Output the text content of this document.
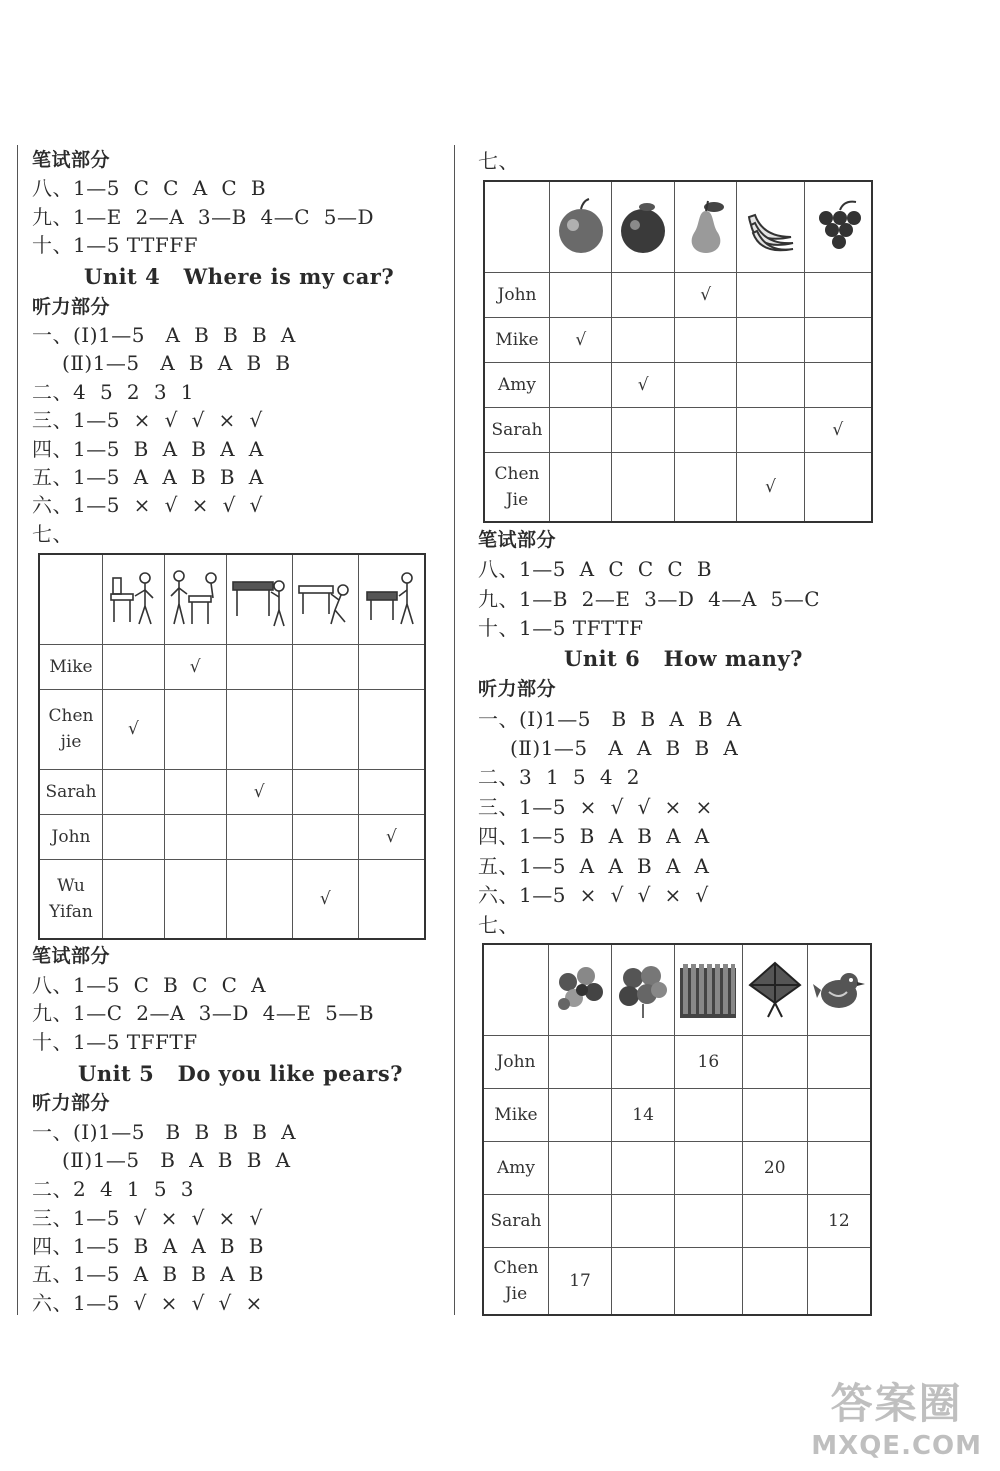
笔试部分
八、1—5  C  C  A  C  B
九、1—E  2—A  3—B  4—C  5—D
十、1—5 TTFFF
Unit 4   Where is my car?
听力部分
一、(Ⅰ)1—5   A  B  B  B  A
(Ⅱ)1—5   A  B  A  B  B
二、4  5  2  3  1
三、1—5  ×  √  √  ×  √
四、1—5  B  A  B  A  A
五、1—5  A  A  B  B  A
六、1—5  ×  √  ×  √  √
七、

Mike		√			
Chen
jie	√				
Sarah			√		
John					√
Wu
Yifan				√	
笔试部分
八、1—5  C  B  C  C  A
九、1—C  2—A  3—D  4—E  5—B
十、1—5 TFFTF
Unit 5   Do you like pears?
听力部分
一、(Ⅰ)1—5   B  B  B  B  A
(Ⅱ)1—5   B  A  B  B  A
二、2  4  1  5  3
三、1—5  √  ×  √  ×  √
四、1—5  B  A  A  B  B
五、1—5  A  B  B  A  B
六、1—5  √  ×  √  √  ×
七、

John			√		
Mike	√				
Amy		√			
Sarah					√
Chen
Jie				√	
笔试部分
八、1—5  A  C  C  C  B
九、1—B  2—E  3—D  4—A  5—C
十、1—5 TFTTF
Unit 6   How many?
听力部分
一、(Ⅰ)1—5   B  B  A  B  A
(Ⅱ)1—5   A  A  B  B  A
二、3  1  5  4  2
三、1—5  ×  √  √  ×  ×
四、1—5  B  A  B  A  A
五、1—5  A  A  B  A  A
六、1—5  ×  √  √  ×  √
七、

John			16		
Mike		14			
Amy				20	
Sarah					12
Chen
Jie	17				
答案圈
MXQE.COM
